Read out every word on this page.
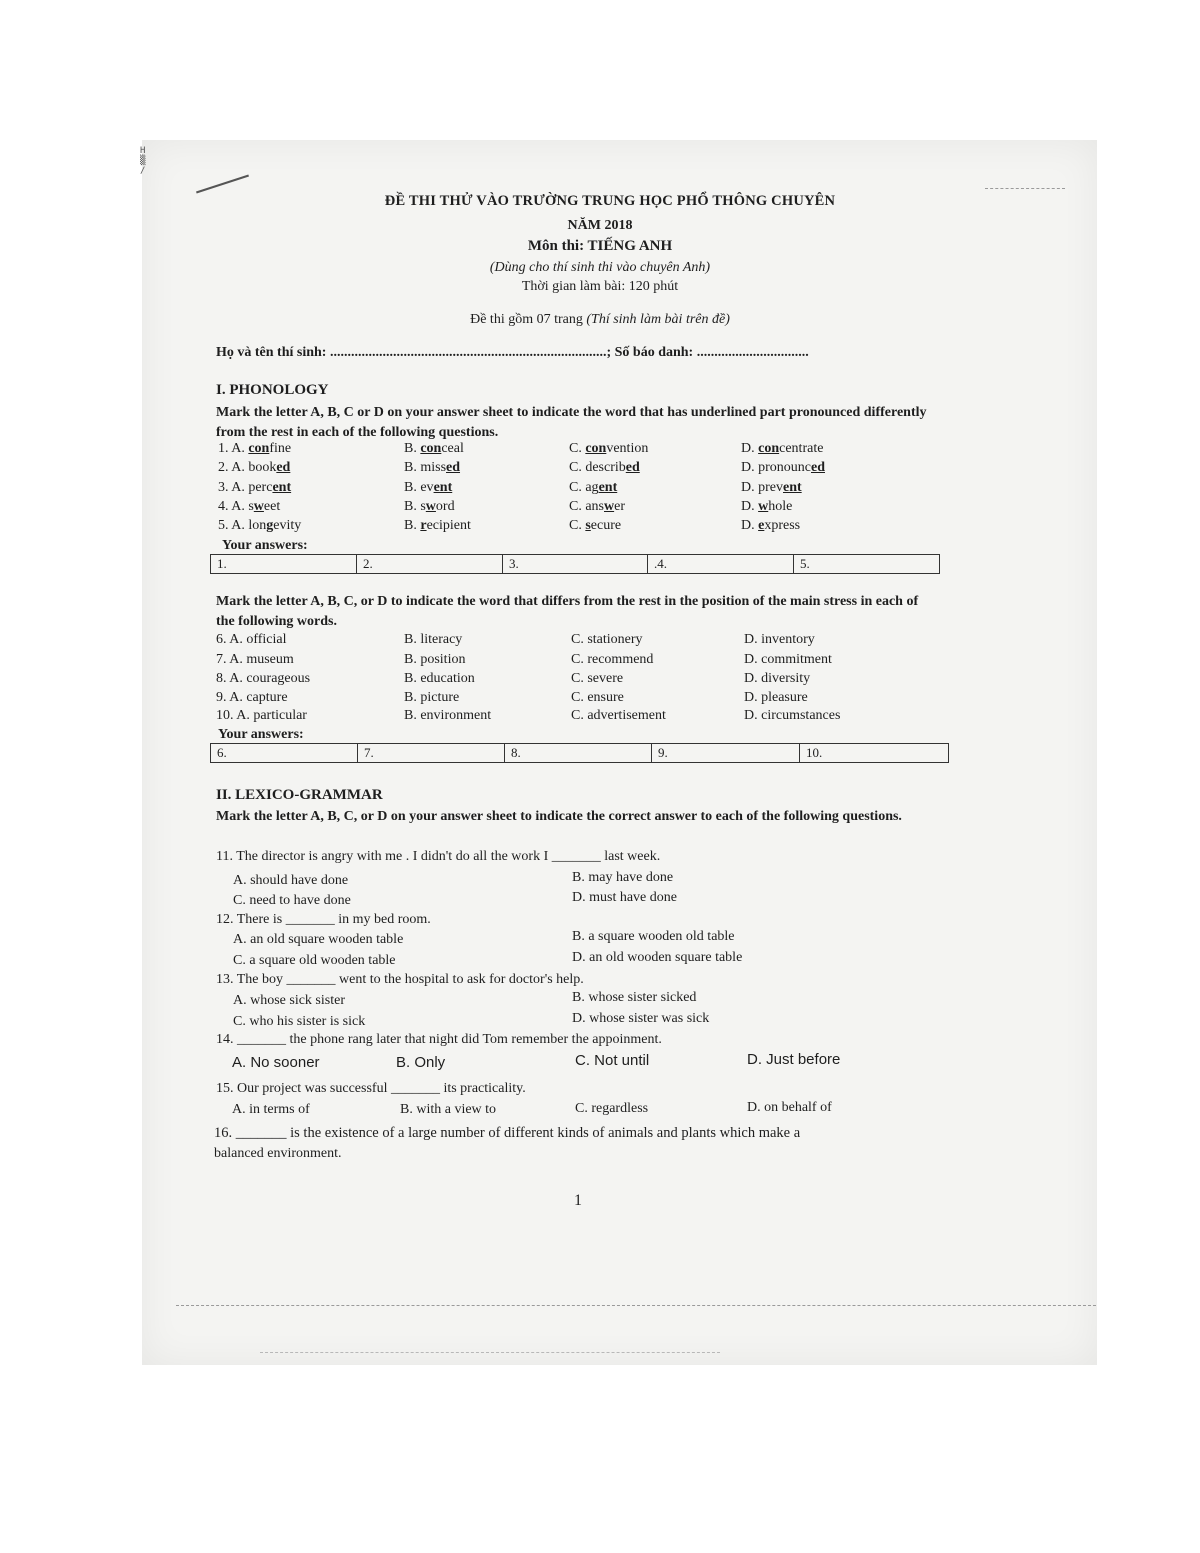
H
▒
/
ĐỀ THI THỬ VÀO TRƯỜNG TRUNG HỌC PHỔ THÔNG CHUYÊN
NĂM 2018
Môn thi: TIẾNG ANH
(Dùng cho thí sinh thi vào chuyên Anh)
Thời gian làm bài: 120 phút
Đề thi gồm 07 trang (Thí sinh làm bài trên đề)
Họ và tên thí sinh: ...............................................................................; Số báo danh: ................................
I. PHONOLOGY
Mark the letter A, B, C or D on your answer sheet to indicate the word that has underlined part pronounced differently from the rest in each of the following questions.
1. A. confine	B. conceal	C. convention	D. concentrate
2. A. booked	B. missed	C. described	D. pronounced
3. A. percent	B. event	C. agent	D. prevent
4. A. sweet	B. sword	C. answer	D. whole
5. A. longevity	B. recipient	C. secure	D. express
Your answers:
1.	2.	3.	.4.	5.
Mark the letter A, B, C, or D to indicate the word that differs from the rest in the position of the main stress in each of the following words.
6. A. official	B. literacy	C. stationery	D. inventory
7. A. museum	B. position	C. recommend	D. commitment
8. A. courageous	B. education	C. severe	D. diversity
9. A. capture	B. picture	C. ensure	D. pleasure
10. A. particular	B. environment	C. advertisement	D. circumstances
Your answers:
6.	7.	8.	9.	10.
II. LEXICO-GRAMMAR
Mark the letter A, B, C, or D on your answer sheet to indicate the correct answer to each of the following questions.
11. The director is angry with me . I didn't do all the work I _______ last week.
A. should have done	B. may have done
C. need to have done	D. must have done
12. There is _______ in my bed room.
A. an old square wooden table	B. a square wooden old table
C. a square old wooden table	D. an old wooden square table
13. The boy _______ went to the hospital to ask for doctor's help.
A. whose sick sister	B. whose sister sicked
C. who his sister is sick	D. whose sister was sick
14. _______ the phone rang later that night did Tom remember the appoinment.
A. No sooner	B. Only	C. Not until	D. Just before
15. Our project was successful _______ its practicality.
A. in terms of	B. with a view to	C. regardless	D. on behalf of
16. _______ is the existence of a large number of different kinds of animals and plants which make a
balanced environment.
1
